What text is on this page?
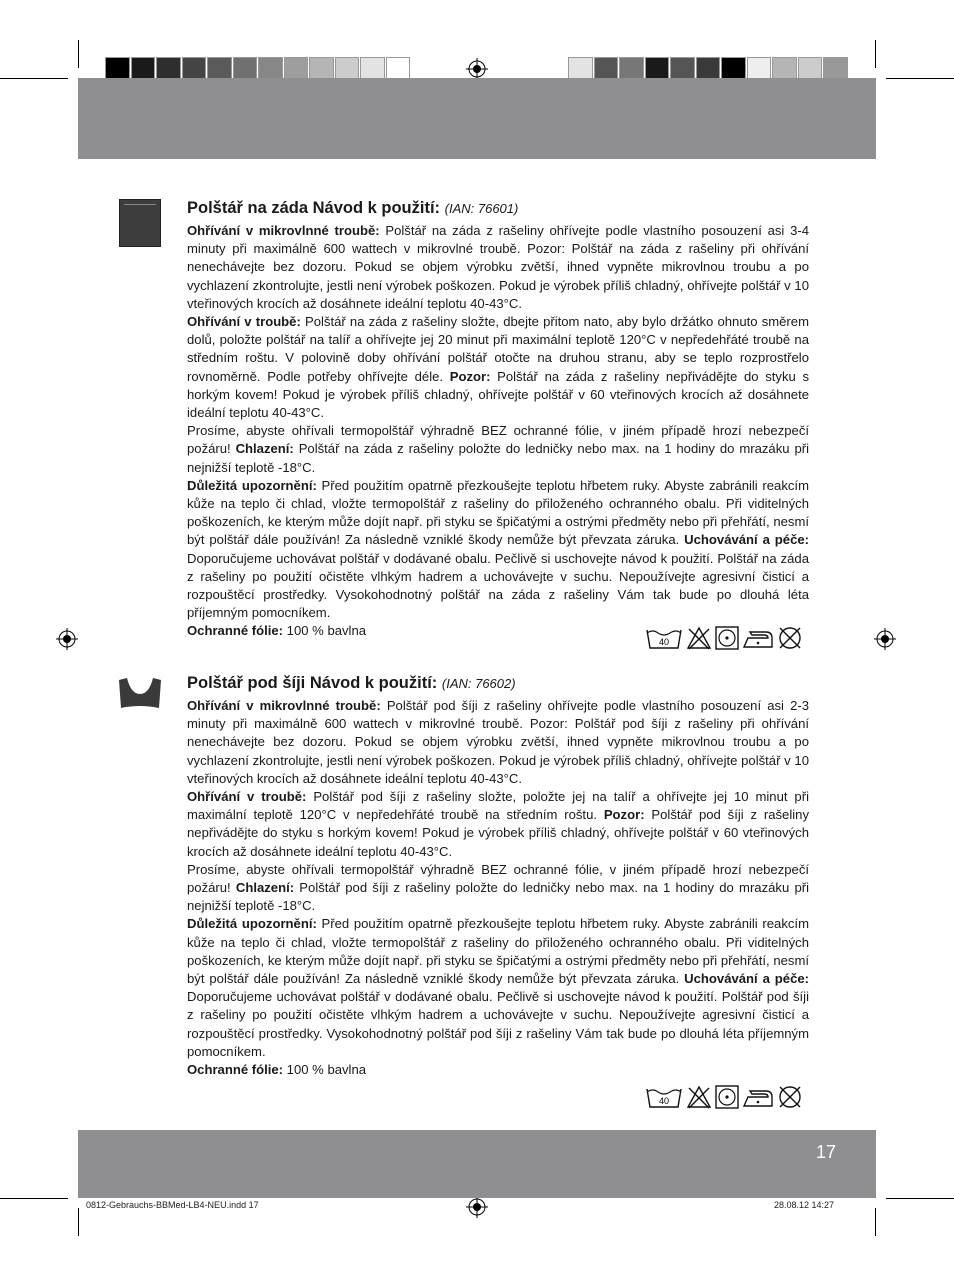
Polštář na záda Návod k použití: (IAN: 76601)

Ohřívání v mikrovlnné troubě: Polštář na záda z rašeliny ohřívejte podle vlastního posouzení asi 3-4 minuty při maximálně 600 wattech v mikrovlné troubě. Pozor: Polštář na záda z rašeliny při ohřívání nenechávejte bez dozoru. Pokud se objem výrobku zvětší, ihned vypněte mikrovlnou troubu a po vychlazení zkontrolujte, jestli není výrobek poškozen. Pokud je výrobek příliš chladný, ohřívejte polštář v 10 vteřinových krocích až dosáhnete ideální teplotu 40-43°C.

Ohřívání v troubě: Polštář na záda z rašeliny složte, dbejte přitom nato, aby bylo držátko ohnuto směrem dolů, položte polštář na talíř a ohřívejte jej 20 minut při maximální teplotě 120°C v nepředehřáté troubě na středním roštu. V polovině doby ohřívání polštář otočte na druhou stranu, aby se teplo rozprostřelo rovnoměrně. Podle potřeby ohřívejte déle. Pozor: Polštář na záda z rašeliny nepřivádějte do styku s horkým kovem! Pokud je výrobek příliš chladný, ohřívejte polštář v 60 vteřinových krocích až dosáhnete ideální teplotu 40-43°C.

Prosíme, abyste ohřívali termopolštář výhradně BEZ ochranné fólie, v jiném případě hrozí nebezpečí požáru! Chlazení: Polštář na záda z rašeliny položte do ledničky nebo max. na 1 hodiny do mrazáku při nejnižší teplotě -18°C.

Důležitá upozornění: Před použitím opatrně přezkoušejte teplotu hřbetem ruky. Abyste zabránili reakcím kůže na teplo či chlad, vložte termopolštář z rašeliny do přiloženého ochranného obalu. Při viditelných poškozeních, ke kterým může dojít např. při styku se špičatými a ostrými předměty nebo při přehřátí, nesmí být polštář dále používán! Za následně vzniklé škody nemůže být převzata záruka. Uchovávání a péče: Doporučujeme uchovávat polštář v dodávané obalu. Pečlivě si uschovejte návod k použití. Polštář na záda z rašeliny po použití očistěte vlhkým hadrem a uchovávejte v suchu. Nepoužívejte agresivní čisticí a rozpouštěcí prostředky. Vysokohodnotný polštář na záda z rašeliny Vám tak bude po dlouhá léta příjemným pomocníkem.

Ochranné fólie: 100 % bavlna

40
Polštář pod šíji Návod k použití: (IAN: 76602)

Ohřívání v mikrovlnné troubě: Polštář pod šíji z rašeliny ohřívejte podle vlastního posouzení asi 2-3 minuty při maximálně 600 wattech v mikrovlné troubě. Pozor: Polštář pod šíji z rašeliny při ohřívání nenechávejte bez dozoru. Pokud se objem výrobku zvětší, ihned vypněte mikrovlnou troubu a po vychlazení zkontrolujte, jestli není výrobek poškozen. Pokud je výrobek příliš chladný, ohřívejte polštář v 10 vteřinových krocích až dosáhnete ideální teplotu 40-43°C.

Ohřívání v troubě: Polštář pod šíji z rašeliny složte, položte jej na talíř a ohřívejte jej 10 minut při maximální teplotě 120°C v nepředehřáté troubě na středním roštu. Pozor: Polštář pod šíji z rašeliny nepřivádějte do styku s horkým kovem! Pokud je výrobek příliš chladný, ohřívejte polštář v 60 vteřinových krocích až dosáhnete ideální teplotu 40-43°C.

Prosíme, abyste ohřívali termopolštář výhradně BEZ ochranné fólie, v jiném případě hrozí nebezpečí požáru! Chlazení: Polštář pod šíji z rašeliny položte do ledničky nebo max. na 1 hodiny do mrazáku při nejnižší teplotě -18°C.

Důležitá upozornění: Před použitím opatrně přezkoušejte teplotu hřbetem ruky. Abyste zabránili reakcím kůže na teplo či chlad, vložte termopolštář z rašeliny do přiloženého ochranného obalu. Při viditelných poškozeních, ke kterým může dojít např. při styku se špičatými a ostrými předměty nebo při přehřátí, nesmí být polštář dále používán! Za následně vzniklé škody nemůže být převzata záruka. Uchovávání a péče: Doporučujeme uchovávat polštář v dodávané obalu. Pečlivě si uschovejte návod k použití. Polštář pod šíji z rašeliny po použití očistěte vlhkým hadrem a uchovávejte v suchu. Nepoužívejte agresivní čisticí a rozpouštěcí prostředky. Vysokohodnotný polštář pod šíji z rašeliny Vám tak bude po dlouhá léta příjemným pomocníkem.

Ochranné fólie: 100 % bavlna

40
17
0812-Gebrauchs-BBMed-LB4-NEU.indd 17	28.08.12 14:27
